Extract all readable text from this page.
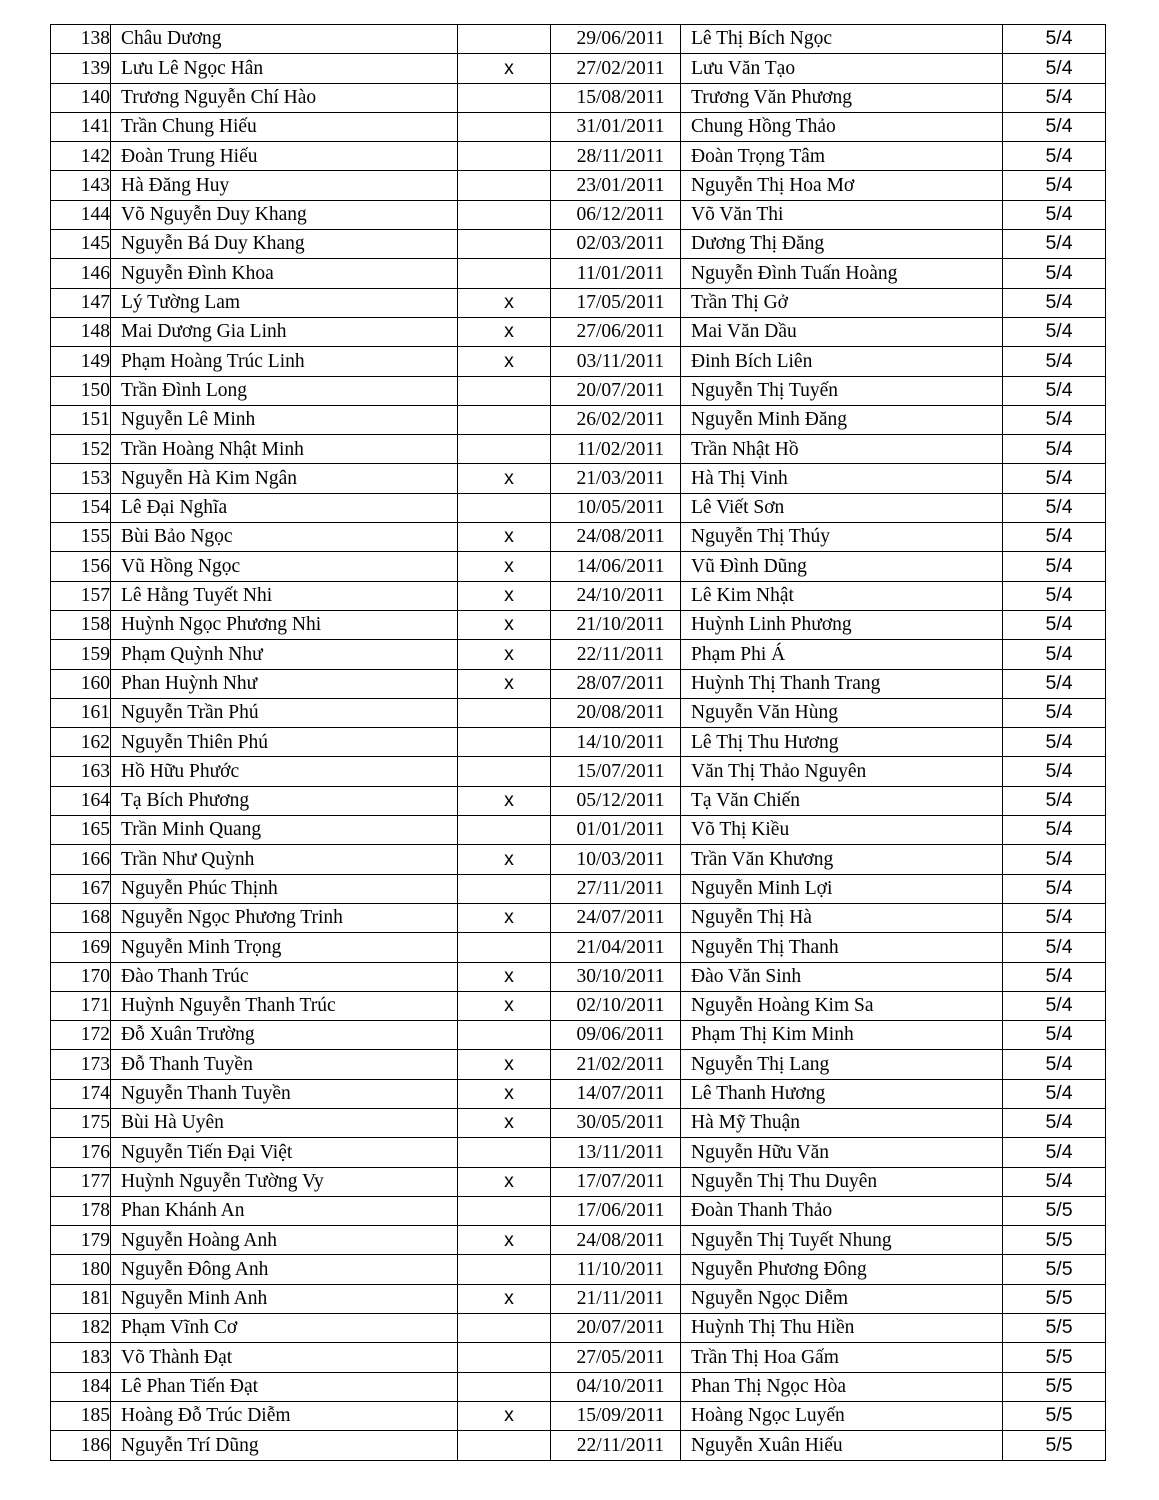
138	Châu Dương		29/06/2011	Lê Thị Bích Ngọc	5/4
139	Lưu Lê Ngọc Hân	x	27/02/2011	Lưu Văn Tạo	5/4
140	Trương Nguyễn Chí Hào		15/08/2011	Trương Văn Phương	5/4
141	Trần Chung Hiếu		31/01/2011	Chung Hồng Thảo	5/4
142	Đoàn Trung Hiếu		28/11/2011	Đoàn Trọng Tâm	5/4
143	Hà Đăng Huy		23/01/2011	Nguyễn Thị Hoa Mơ	5/4
144	Võ Nguyễn Duy Khang		06/12/2011	Võ Văn Thi	5/4
145	Nguyễn Bá Duy Khang		02/03/2011	Dương Thị Đăng	5/4
146	Nguyễn Đình Khoa		11/01/2011	Nguyễn Đình Tuấn Hoàng	5/4
147	Lý Tường Lam	x	17/05/2011	Trần Thị Gở	5/4
148	Mai Dương Gia Linh	x	27/06/2011	Mai Văn Dầu	5/4
149	Phạm Hoàng Trúc Linh	x	03/11/2011	Đinh Bích Liên	5/4
150	Trần Đình Long		20/07/2011	Nguyễn Thị Tuyến	5/4
151	Nguyễn Lê Minh		26/02/2011	Nguyễn Minh Đăng	5/4
152	Trần Hoàng Nhật Minh		11/02/2011	Trần Nhật Hồ	5/4
153	Nguyễn Hà Kim Ngân	x	21/03/2011	Hà Thị Vinh	5/4
154	Lê Đại Nghĩa		10/05/2011	Lê Viết Sơn	5/4
155	Bùi Bảo Ngọc	x	24/08/2011	Nguyễn Thị Thúy	5/4
156	Vũ Hồng Ngọc	x	14/06/2011	Vũ Đình Dũng	5/4
157	Lê Hằng Tuyết Nhi	x	24/10/2011	Lê Kim Nhật	5/4
158	Huỳnh Ngọc Phương Nhi	x	21/10/2011	Huỳnh Linh Phương	5/4
159	Phạm Quỳnh Như	x	22/11/2011	Phạm Phi Á	5/4
160	Phan Huỳnh Như	x	28/07/2011	Huỳnh Thị Thanh Trang	5/4
161	Nguyễn Trần Phú		20/08/2011	Nguyễn Văn Hùng	5/4
162	Nguyễn Thiên Phú		14/10/2011	Lê Thị Thu Hương	5/4
163	Hồ Hữu Phước		15/07/2011	Văn Thị Thảo Nguyên	5/4
164	Tạ Bích Phương	x	05/12/2011	Tạ Văn Chiến	5/4
165	Trần Minh Quang		01/01/2011	Võ Thị Kiều	5/4
166	Trần Như Quỳnh	x	10/03/2011	Trần Văn Khương	5/4
167	Nguyễn Phúc Thịnh		27/11/2011	Nguyễn Minh Lợi	5/4
168	Nguyễn Ngọc Phương Trinh	x	24/07/2011	Nguyễn Thị Hà	5/4
169	Nguyễn Minh Trọng		21/04/2011	Nguyễn Thị Thanh	5/4
170	Đào Thanh Trúc	x	30/10/2011	Đào Văn Sinh	5/4
171	Huỳnh Nguyễn Thanh Trúc	x	02/10/2011	Nguyễn Hoàng Kim Sa	5/4
172	Đỗ Xuân Trường		09/06/2011	Phạm Thị Kim Minh	5/4
173	Đỗ Thanh Tuyền	x	21/02/2011	Nguyễn Thị Lang	5/4
174	Nguyễn Thanh Tuyền	x	14/07/2011	Lê Thanh Hương	5/4
175	Bùi Hà Uyên	x	30/05/2011	Hà Mỹ Thuận	5/4
176	Nguyễn Tiến Đại Việt		13/11/2011	Nguyễn Hữu Văn	5/4
177	Huỳnh Nguyễn Tường Vy	x	17/07/2011	Nguyễn Thị Thu Duyên	5/4
178	Phan Khánh An		17/06/2011	Đoàn Thanh Thảo	5/5
179	Nguyễn Hoàng Anh	x	24/08/2011	Nguyễn Thị Tuyết Nhung	5/5
180	Nguyễn Đông Anh		11/10/2011	Nguyễn Phương Đông	5/5
181	Nguyễn Minh Anh	x	21/11/2011	Nguyễn Ngọc Diễm	5/5
182	Phạm Vĩnh Cơ		20/07/2011	Huỳnh Thị Thu Hiền	5/5
183	Võ Thành Đạt		27/05/2011	Trần Thị Hoa Gấm	5/5
184	Lê Phan Tiến Đạt		04/10/2011	Phan Thị Ngọc Hòa	5/5
185	Hoàng Đỗ Trúc Diễm	x	15/09/2011	Hoàng Ngọc Luyến	5/5
186	Nguyễn Trí Dũng		22/11/2011	Nguyễn Xuân Hiếu	5/5
